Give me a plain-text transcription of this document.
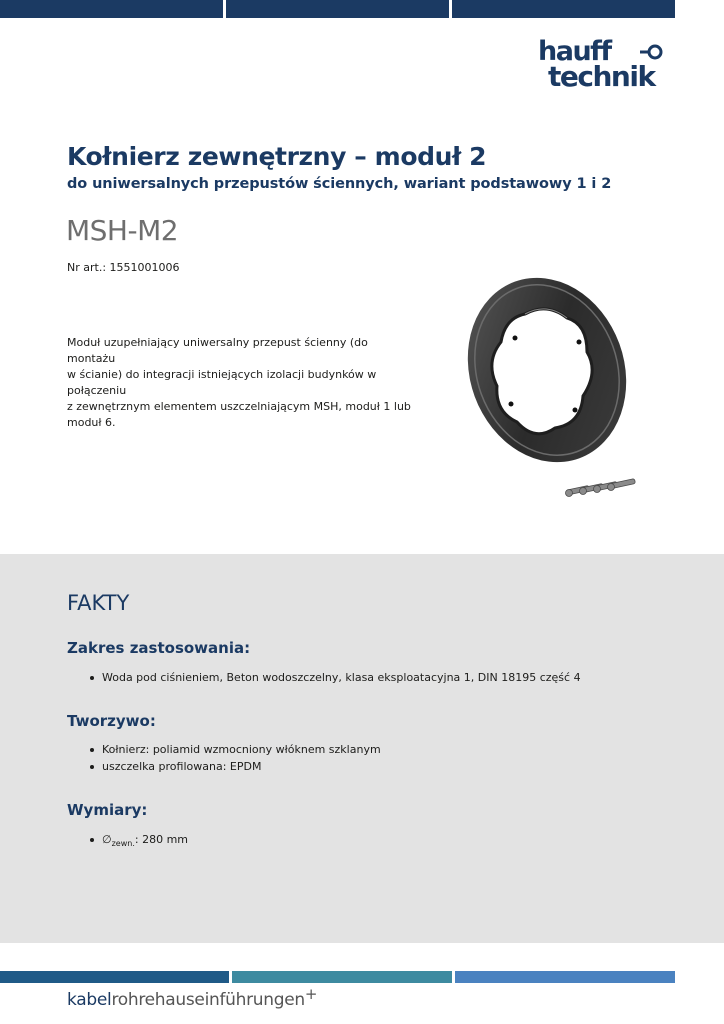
hauff
technik
Kołnierz zewnętrzny – moduł 2
do uniwersalnych przepustów ściennych, wariant podstawowy 1 i 2
MSH-M2
Nr art.: 1551001006
Moduł uzupełniający uniwersalny przepust ścienny (do montażu
w ścianie) do integracji istniejących izolacji budynków w połączeniu
z zewnętrznym elementem uszczelniającym MSH, moduł 1 lub
moduł 6.
FAKTY
Zakres zastosowania:
Woda pod ciśnieniem, Beton wodoszczelny, klasa eksploatacyjna 1, DIN 18195 część 4
Tworzywo:
Kołnierz: poliamid wzmocniony włóknem szklanym
uszczelka profilowana: EPDM
Wymiary:
$\emptyset_{zewn.}$: 280 mm
kabelrohrehauseinführungen+
